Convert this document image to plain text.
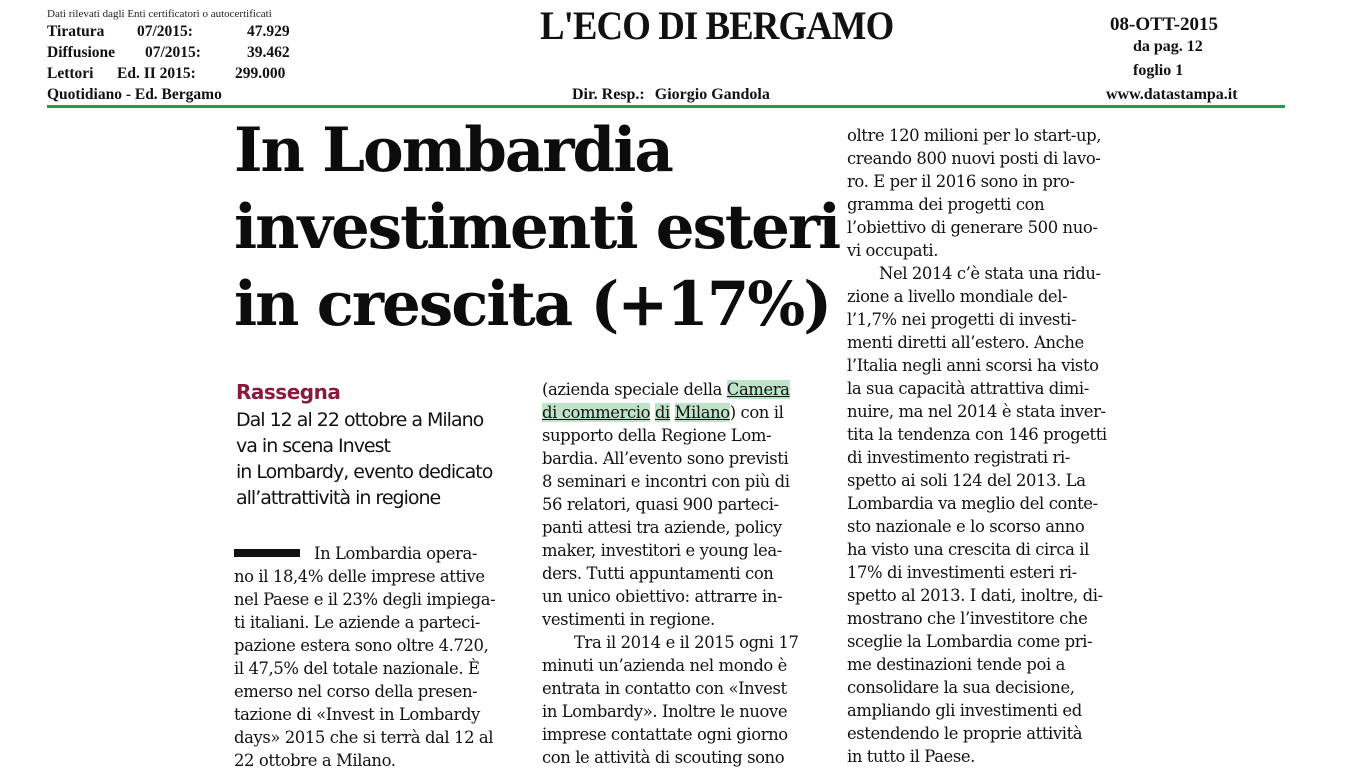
Dati rilevati dagli Enti certificatori o autocertificati
Tiratura 07/2015:	47.929
Diffusione 07/2015:	39.462
Lettori Ed. II 2015:	299.000
Quotidiano - Ed. Bergamo
L'ECO DI BERGAMO
Dir. Resp.: Giorgio Gandola
08-OTT-2015
da pag. 12
foglio 1
www.datastampa.it
In Lombardia
investimenti esteri
in crescita (+17%)
Rassegna
Dal 12 al 22 ottobre a Milano
va in scena Invest
in Lombardy, evento dedicato
all’attrattività in regione
In Lombardia opera-
no il 18,4% delle imprese attive
nel Paese e il 23% degli impiega-
ti italiani. Le aziende a parteci-
pazione estera sono oltre 4.720,
il 47,5% del totale nazionale. È
emerso nel corso della presen-
tazione di «Invest in Lombardy
days» 2015 che si terrà dal 12 al
22 ottobre a Milano.
(azienda speciale della Camera
di commercio di Milano) con il
supporto della Regione Lom-
bardia. All’evento sono previsti
8 seminari e incontri con più di
56 relatori, quasi 900 parteci-
panti attesi tra aziende, policy
maker, investitori e young lea-
ders. Tutti appuntamenti con
un unico obiettivo: attrarre in-
vestimenti in regione.
Tra il 2014 e il 2015 ogni 17
minuti un’azienda nel mondo è
entrata in contatto con «Invest
in Lombardy». Inoltre le nuove
imprese contattate ogni giorno
con le attività di scouting sono
oltre 120 milioni per lo start-up,
creando 800 nuovi posti di lavo-
ro. E per il 2016 sono in pro-
gramma dei progetti con
l’obiettivo di generare 500 nuo-
vi occupati.
Nel 2014 c’è stata una ridu-
zione a livello mondiale del-
l’1,7% nei progetti di investi-
menti diretti all’estero. Anche
l’Italia negli anni scorsi ha visto
la sua capacità attrattiva dimi-
nuire, ma nel 2014 è stata inver-
tita la tendenza con 146 progetti
di investimento registrati ri-
spetto ai soli 124 del 2013. La
Lombardia va meglio del conte-
sto nazionale e lo scorso anno
ha visto una crescita di circa il
17% di investimenti esteri ri-
spetto al 2013. I dati, inoltre, di-
mostrano che l’investitore che
sceglie la Lombardia come pri-
me destinazioni tende poi a
consolidare la sua decisione,
ampliando gli investimenti ed
estendendo le proprie attività
in tutto il Paese.
